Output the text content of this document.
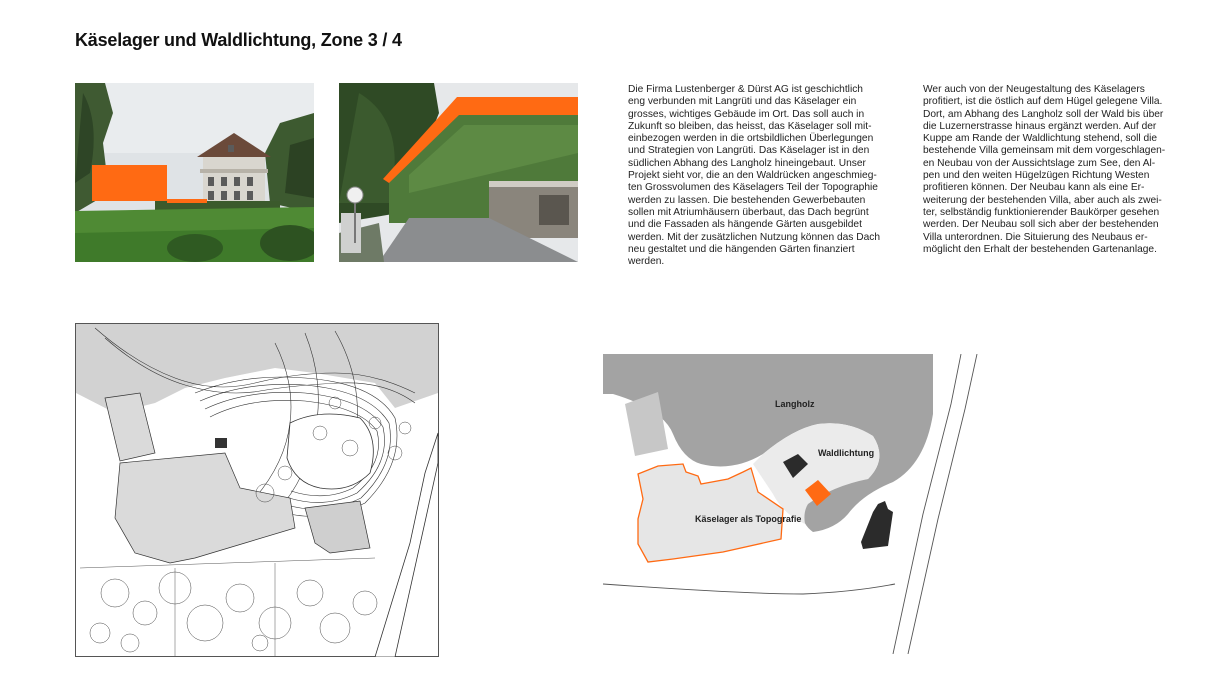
Käselager und Waldlichtung, Zone 3 / 4

Die Firma Lustenberger & Dürst AG ist geschichtlich

eng verbunden mit Langrüti und das Käselager ein

grosses, wichtiges Gebäude im Ort. Das soll auch in

Zukunft so bleiben, das heisst, das Käselager soll mit-

einbezogen werden in die ortsbildlichen Überlegungen

und Strategien von Langrüti. Das Käselager ist in den

südlichen Abhang des Langholz hineingebaut. Unser

Projekt sieht vor, die an den Waldrücken angeschmieg-

ten Grossvolumen des Käselagers Teil der Topographie

werden zu lassen. Die bestehenden Gewerbebauten

sollen mit Atriumhäusern überbaut, das Dach begrünt

und die Fassaden als hängende Gärten ausgebildet

werden. Mit der zusätzlichen Nutzung können das Dach

neu gestaltet und die hängenden Gärten finanziert

werden.

Wer auch von der Neugestaltung des Käselagers

profitiert, ist die östlich auf dem Hügel gelegene Villa.

Dort, am Abhang des Langholz soll der Wald bis über

die Luzernerstrasse hinaus ergänzt werden. Auf der

Kuppe am Rande der Waldlichtung stehend, soll die

bestehende Villa gemeinsam mit dem vorgeschlagen-

en Neubau von der Aussichtslage zum See, den Al-

pen und den weiten Hügelzügen Richtung Westen

profitieren können. Der Neubau kann als eine Er-

weiterung der bestehenden Villa, aber auch als zwei-

ter, selbständig funktionierender Baukörper gesehen

werden. Der Neubau soll sich aber der bestehenden

Villa unterordnen. Die Situierung des Neubaus er-

möglicht den Erhalt der bestehenden Gartenanlage.

Langholz
Waldlichtung
Käselager als Topografie
